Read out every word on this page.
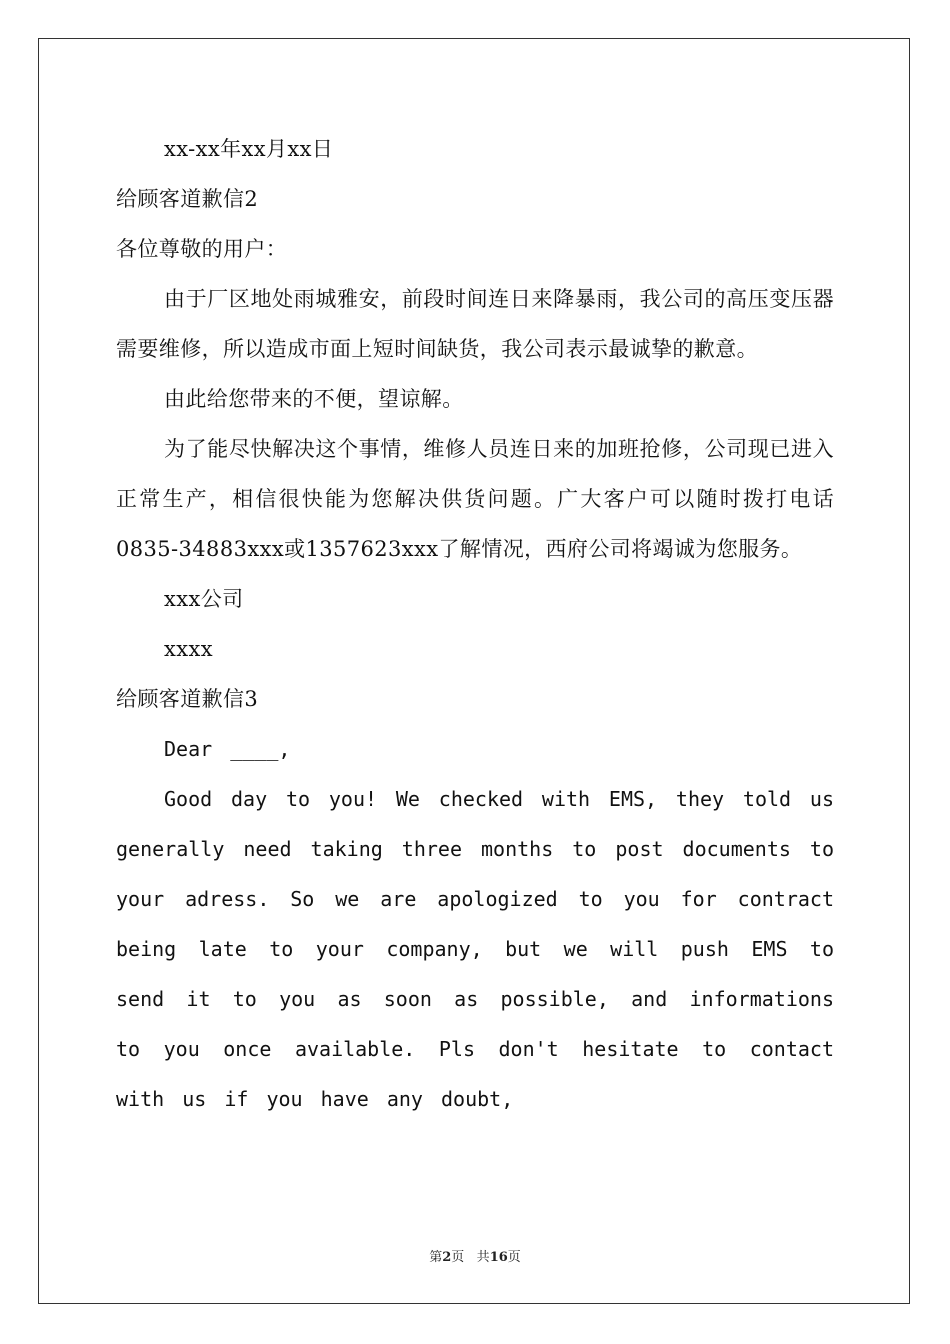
xx-xx年xx月xx日

给顾客道歉信2

各位尊敬的用户：

由于厂区地处雨城雅安，前段时间连日来降暴雨，我公司的高压变压器需要维修，所以造成市面上短时间缺货，我公司表示最诚挚的歉意。

由此给您带来的不便，望谅解。

为了能尽快解决这个事情，维修人员连日来的加班抢修，公司现已进入正常生产，相信很快能为您解决供货问题。广大客户可以随时拨打电话0835-34883xxx或1357623xxx了解情况，西府公司将竭诚为您服务。

xxx公司

xxxx

给顾客道歉信3

Dear ____,

Good day to you! We checked with EMS, they told us generally need taking three months to post documents to your adress. So we are apologized to you for contract being late to your company, but we will push EMS to send it to you as soon as possible, and informations to you once available. Pls don't hesitate to contact with us if you have any doubt,

第2页 共16页
